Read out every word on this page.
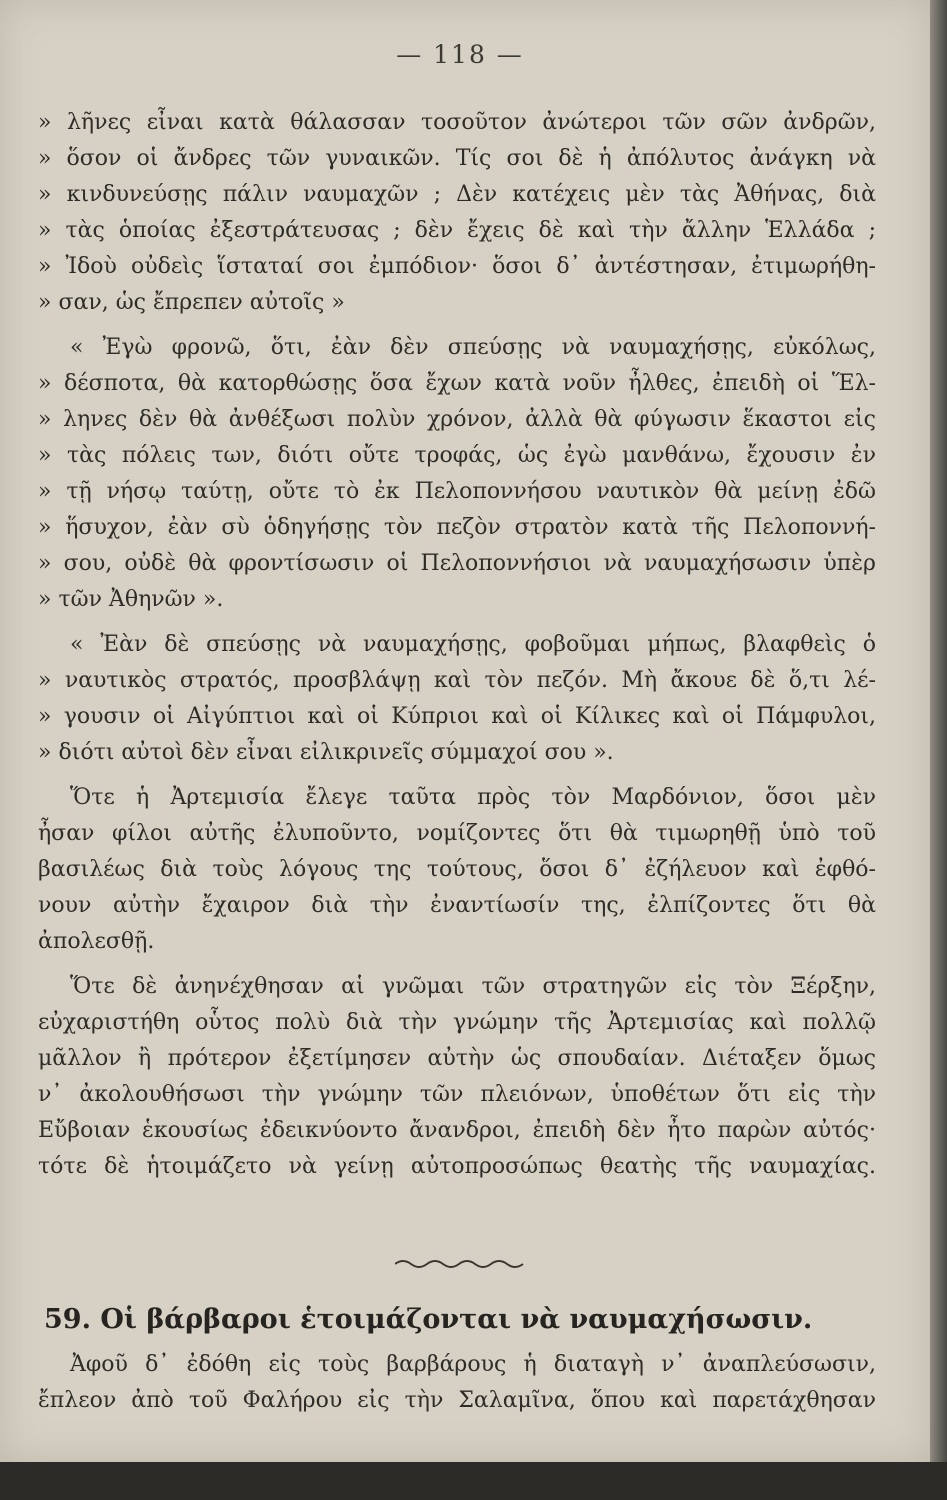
— 118 —

» λῆνες εἶναι κατὰ θάλασσαν τοσοῦτον ἀνώτεροι τῶν σῶν ἀνδρῶν,

» ὅσον οἱ ἄνδρες τῶν γυναικῶν. Τίς σοι δὲ ἡ ἀπόλυτος ἀνάγκη νὰ

» κινδυνεύσῃς πάλιν ναυμαχῶν ; Δὲν κατέχεις μὲν τὰς Ἀθήνας, διὰ

» τὰς ὁποίας ἐξεστράτευσας ; δὲν ἔχεις δὲ καὶ τὴν ἄλλην Ἑλλάδα ;

» Ἰδοὺ οὐδεὶς ἵσταταί σοι ἐμπόδιον· ὅσοι δ᾽ ἀντέστησαν, ἐτιμωρήθη-

» σαν, ὡς ἔπρεπεν αὐτοῖς »

« Ἐγὼ φρονῶ, ὅτι, ἐὰν δὲν σπεύσῃς νὰ ναυμαχήσῃς, εὐκόλως,

» δέσποτα, θὰ κατορθώσῃς ὅσα ἔχων κατὰ νοῦν ἦλθες, ἐπειδὴ οἱ Ἕλ-

» ληνες δὲν θὰ ἀνθέξωσι πολὺν χρόνον, ἀλλὰ θὰ φύγωσιν ἕκαστοι εἰς

» τὰς πόλεις των, διότι οὔτε τροφάς, ὡς ἐγὼ μανθάνω, ἔχουσιν ἐν

» τῇ νήσῳ ταύτῃ, οὔτε τὸ ἐκ Πελοποννήσου ναυτικὸν θὰ μείνῃ ἐδῶ

» ἥσυχον, ἐὰν σὺ ὁδηγήσῃς τὸν πεζὸν στρατὸν κατὰ τῆς Πελοποννή-

» σου, οὐδὲ θὰ φροντίσωσιν οἱ Πελοποννήσιοι νὰ ναυμαχήσωσιν ὑπὲρ

» τῶν Ἀθηνῶν ».

« Ἐὰν δὲ σπεύσῃς νὰ ναυμαχήσῃς, φοβοῦμαι μήπως, βλαφθεὶς ὁ

» ναυτικὸς στρατός, προσβλάψῃ καὶ τὸν πεζόν. Μὴ ἄκουε δὲ ὅ,τι λέ-

» γουσιν οἱ Αἰγύπτιοι καὶ οἱ Κύπριοι καὶ οἱ Κίλικες καὶ οἱ Πάμφυλοι,

» διότι αὐτοὶ δὲν εἶναι εἰλικρινεῖς σύμμαχοί σου ».

Ὅτε ἡ Ἀρτεμισία ἔλεγε ταῦτα πρὸς τὸν Μαρδόνιον, ὅσοι μὲν

ἦσαν φίλοι αὐτῆς ἐλυποῦντο, νομίζοντες ὅτι θὰ τιμωρηθῇ ὑπὸ τοῦ

βασιλέως διὰ τοὺς λόγους της τούτους, ὅσοι δ᾽ ἐζήλευον καὶ ἐφθό-

νουν αὐτὴν ἔχαιρον διὰ τὴν ἐναντίωσίν της, ἐλπίζοντες ὅτι θὰ

ἀπολεσθῇ.

Ὅτε δὲ ἀνηνέχθησαν αἱ γνῶμαι τῶν στρατηγῶν εἰς τὸν Ξέρξην,

εὐχαριστήθη οὗτος πολὺ διὰ τὴν γνώμην τῆς Ἀρτεμισίας καὶ πολλῷ

μᾶλλον ἢ πρότερον ἐξετίμησεν αὐτὴν ὡς σπουδαίαν. Διέταξεν ὅμως

ν᾽ ἀκολουθήσωσι τὴν γνώμην τῶν πλειόνων, ὑποθέτων ὅτι εἰς τὴν

Εὔβοιαν ἑκουσίως ἐδεικνύοντο ἄνανδροι, ἐπειδὴ δὲν ἦτο παρὼν αὐτός·

τότε δὲ ἡτοιμάζετο νὰ γείνῃ αὐτοπροσώπως θεατὴς τῆς ναυμαχίας.

59. Οἱ βάρβαροι ἑτοιμάζονται νὰ ναυμαχήσωσιν.

Ἀφοῦ δ᾽ ἐδόθη εἰς τοὺς βαρβάρους ἡ διαταγὴ ν᾽ ἀναπλεύσωσιν,

ἔπλεον ἀπὸ τοῦ Φαλήρου εἰς τὴν Σαλαμῖνα, ὅπου καὶ παρετάχθησαν
